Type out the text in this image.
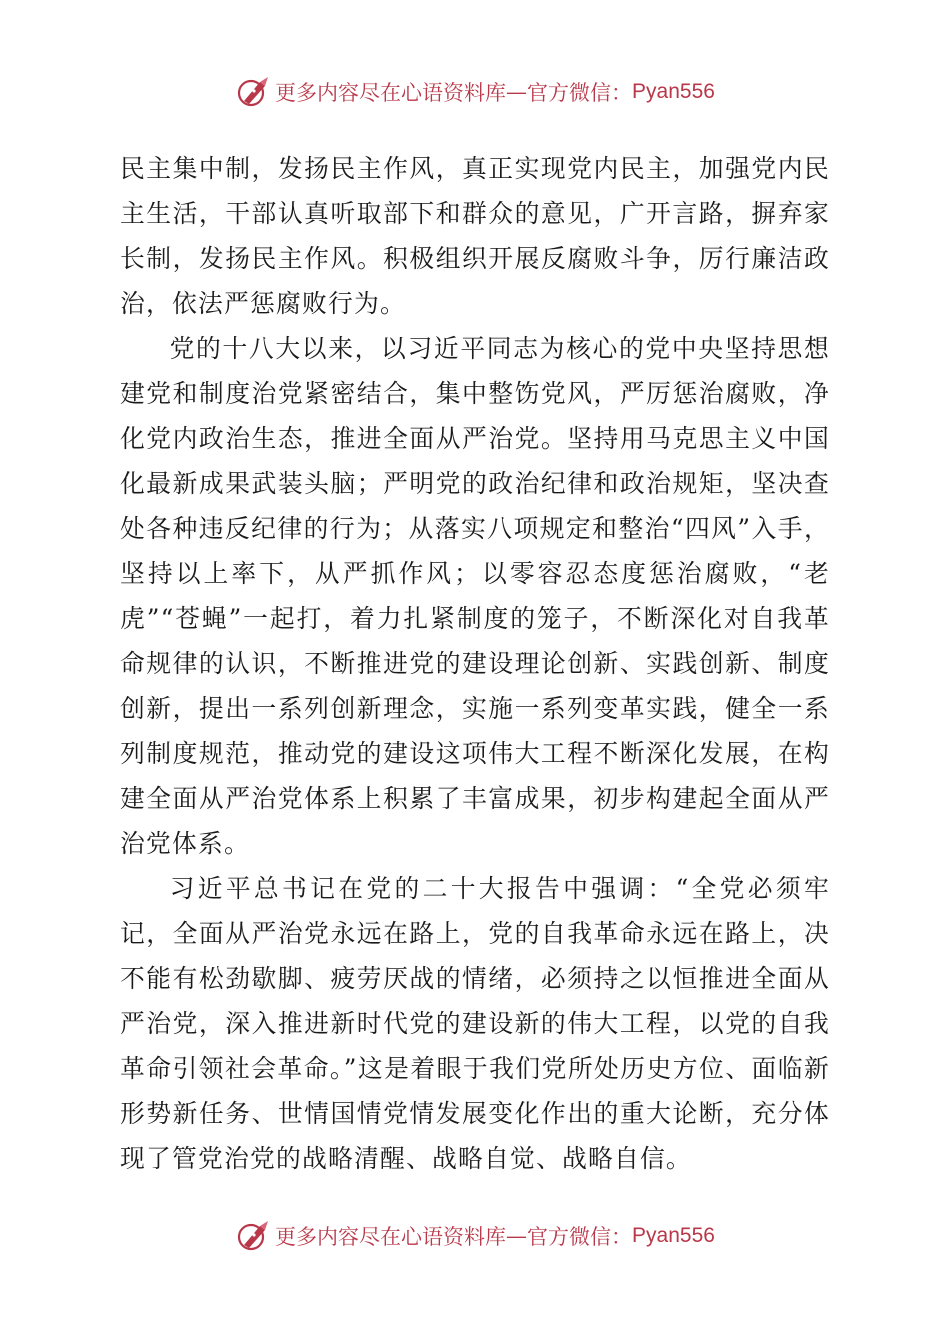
更多内容尽在心语资料库 — 官方微信： Pyan556

民主集中制，发扬民主作风，真正实现党内民主，加强党内民主生活，干部认真听取部下和群众的意见，广开言路，摒弃家长制，发扬民主作风。积极组织开展反腐败斗争，厉行廉洁政治，依法严惩腐败行为。

党的十八大以来，以习近平同志为核心的党中央坚持思想建党和制度治党紧密结合，集中整饬党风，严厉惩治腐败，净化党内政治生态，推进全面从严治党。坚持用马克思主义中国化最新成果武装头脑；严明党的政治纪律和政治规矩，坚决查处各种违反纪律的行为；从落实八项规定和整治“四风”入手，坚持以上率下，从严抓作风；以零容忍态度惩治腐败，“老虎”“苍蝇”一起打，着力扎紧制度的笼子，不断深化对自我革命规律的认识，不断推进党的建设理论创新、实践创新、制度创新，提出一系列创新理念，实施一系列变革实践，健全一系列制度规范，推动党的建设这项伟大工程不断深化发展，在构建全面从严治党体系上积累了丰富成果，初步构建起全面从严治党体系。

习近平总书记在党的二十大报告中强调：“全党必须牢记，全面从严治党永远在路上，党的自我革命永远在路上，决不能有松劲歇脚、疲劳厌战的情绪，必须持之以恒推进全面从严治党，深入推进新时代党的建设新的伟大工程，以党的自我革命引领社会革命。”这是着眼于我们党所处历史方位、面临新形势新任务、世情国情党情发展变化作出的重大论断，充分体现了管党治党的战略清醒、战略自觉、战略自信。

更多内容尽在心语资料库 — 官方微信： Pyan556
